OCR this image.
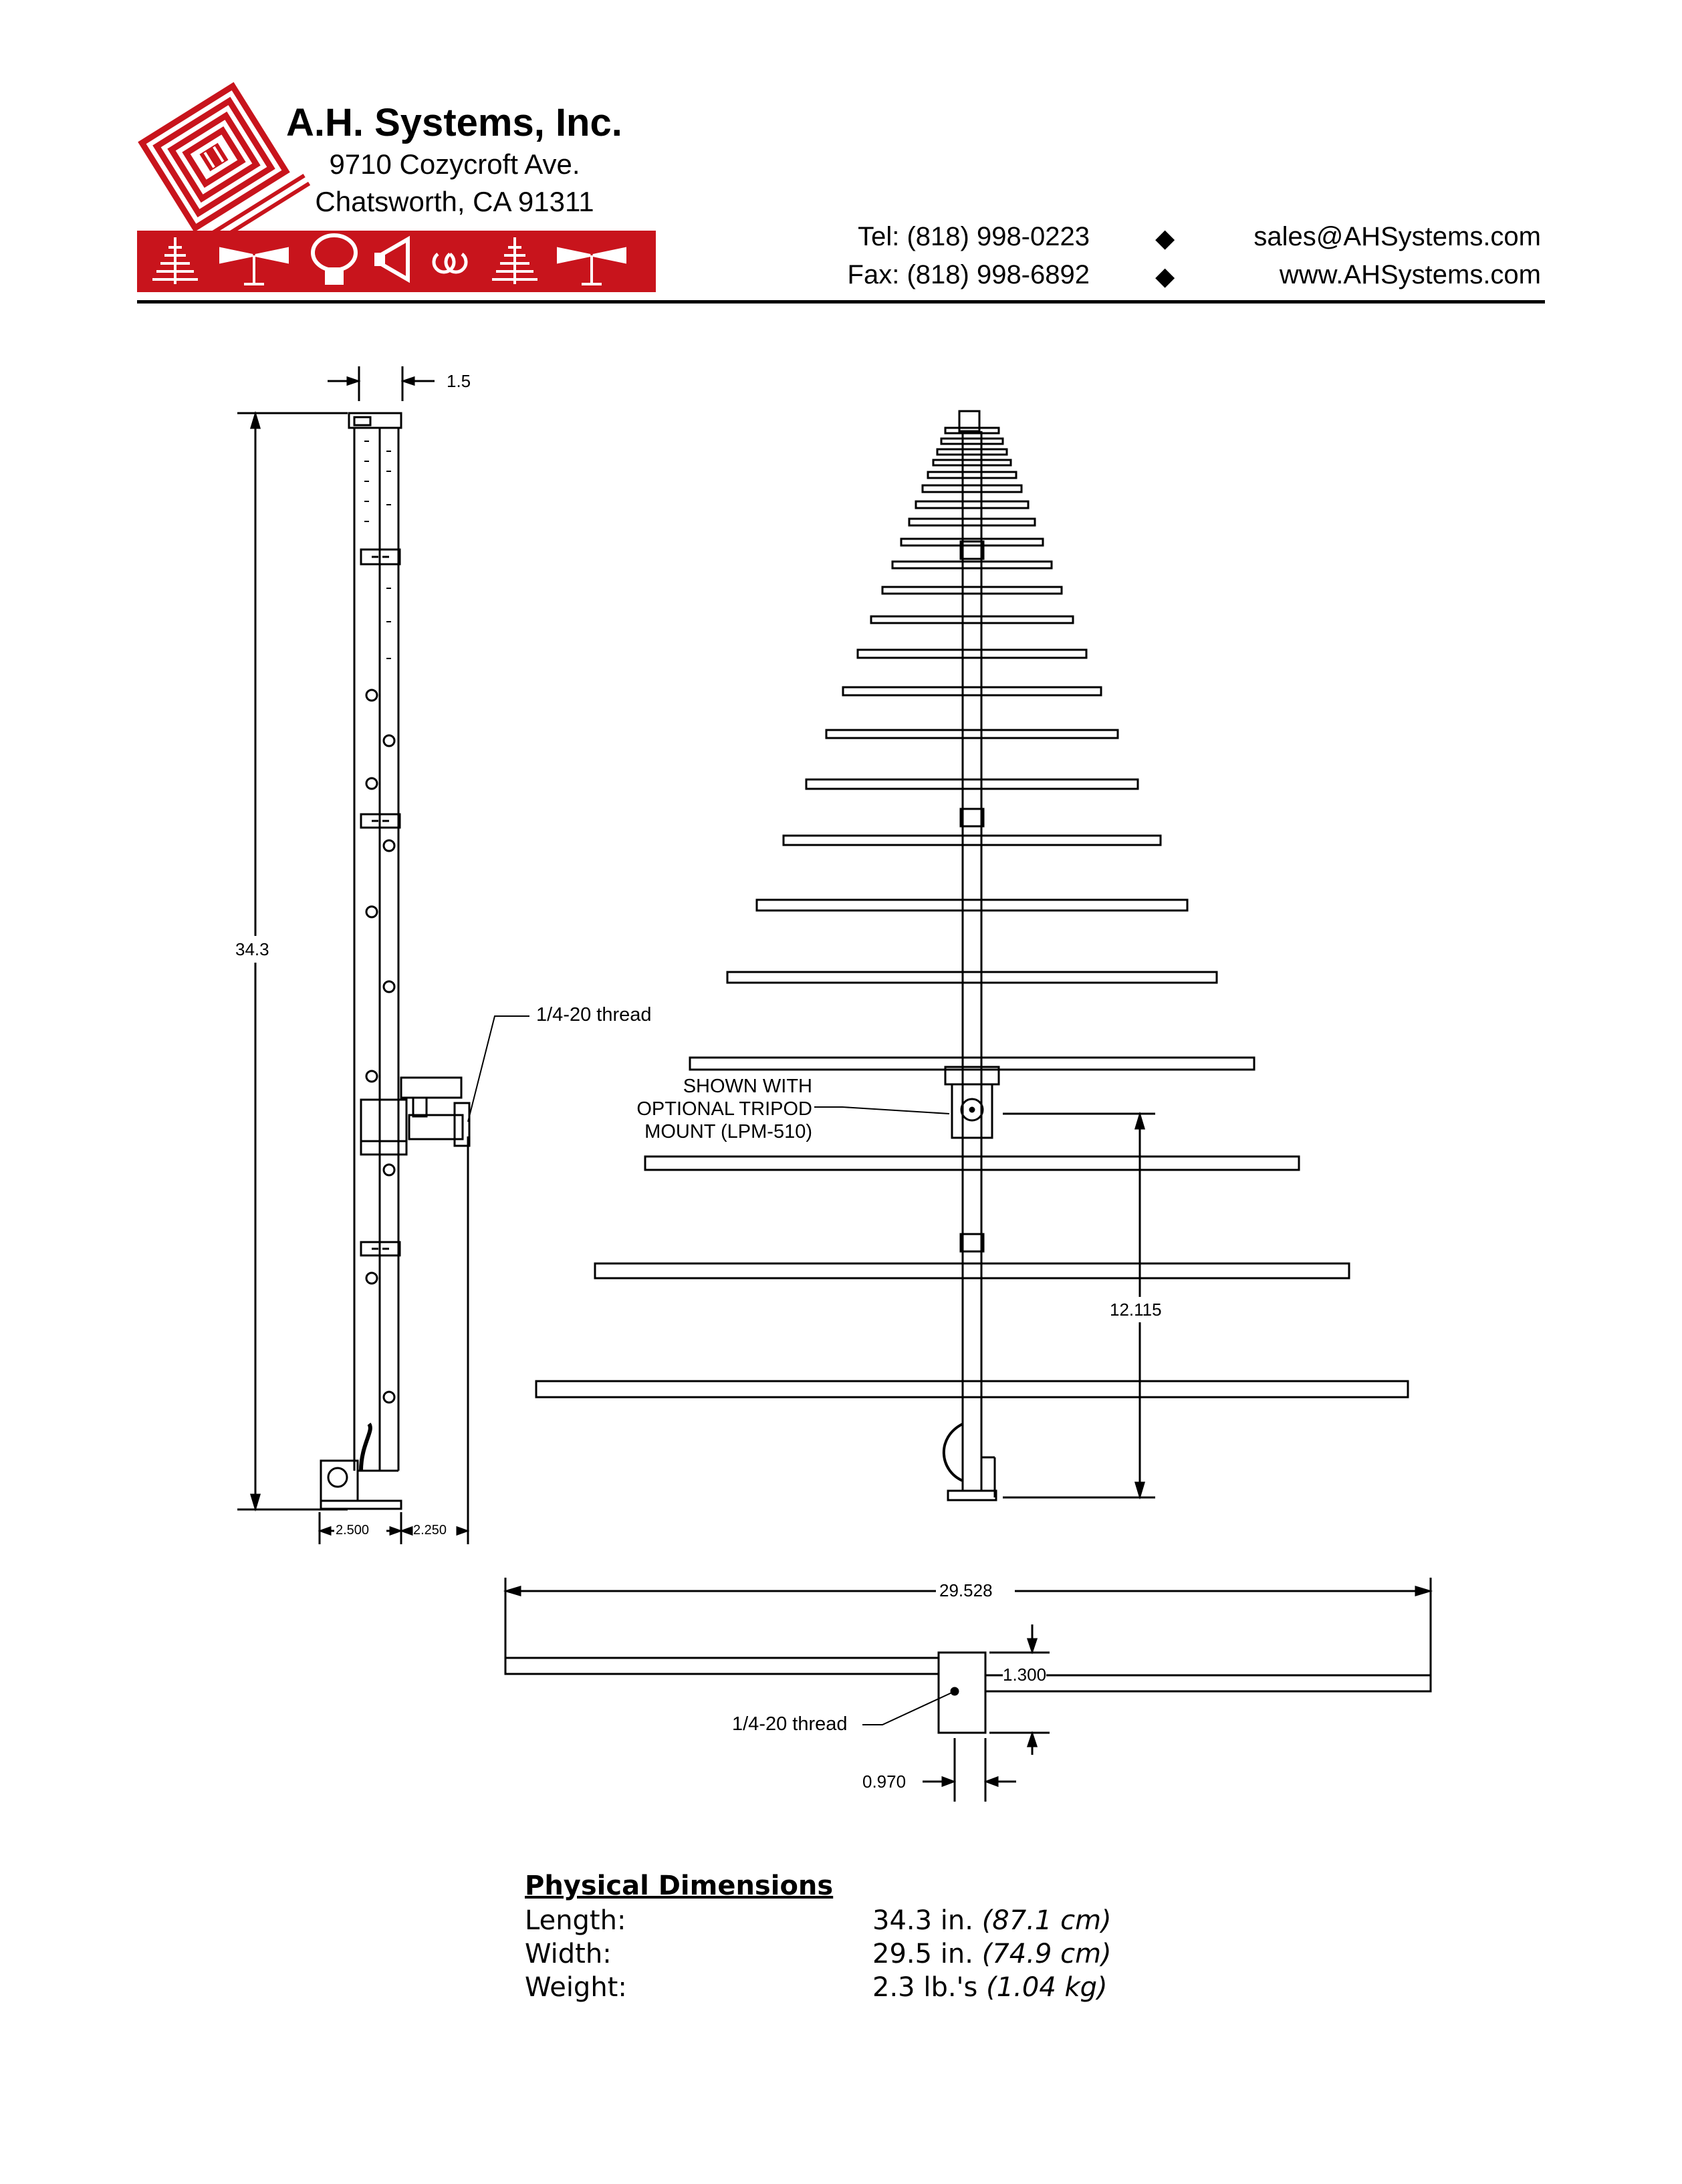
A.H. Systems, Inc.
9710 Cozycroft Ave.
Chatsworth, CA 91311
Tel: (818) 998-0223
Fax: (818) 998-6892
◆
◆
sales@AHSystems.com
www.AHSystems.com
1.5
34.3
2.500	2.250
1/4-20 thread
SHOWN WITH
OPTIONAL TRIPOD
MOUNT (LPM-510)
12.115
29.528
1.300
1/4-20 thread
0.970
Physical Dimensions
Length:	34.3 in. (87.1 cm)
Width:	29.5 in. (74.9 cm)
Weight:	2.3 lb.'s (1.04 kg)
